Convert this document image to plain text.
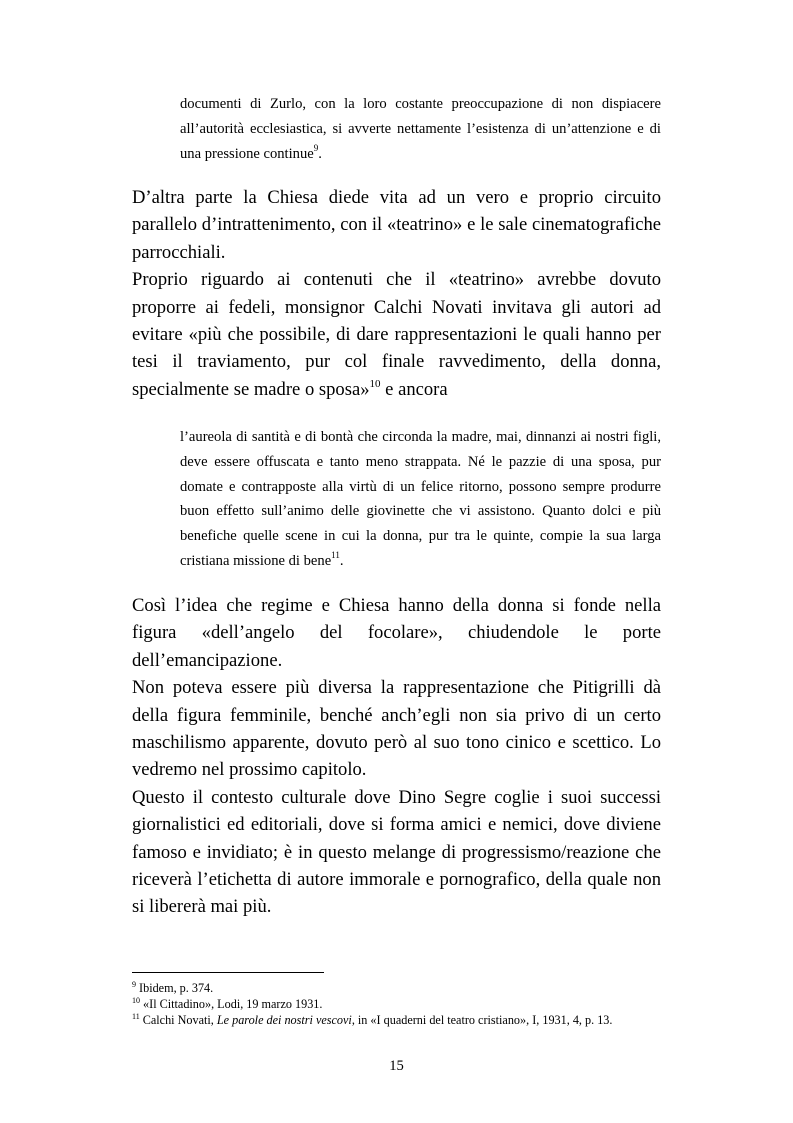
documenti di Zurlo, con la loro costante preoccupazione di non dispiacere all’autorità ecclesiastica, si avverte nettamente l’esistenza di un’attenzione e di una pressione continue$^9$.
D’altra parte la Chiesa diede vita ad un vero e proprio circuito parallelo d’intrattenimento, con il «teatrino» e le sale cinematografiche parrocchiali.
Proprio riguardo ai contenuti che il «teatrino» avrebbe dovuto proporre ai fedeli, monsignor Calchi Novati invitava gli autori ad evitare «più che possibile, di dare rappresentazioni le quali hanno per tesi il traviamento, pur col finale ravvedimento, della donna, specialmente se madre o sposa»$^{10}$ e ancora
l’aureola di santità e di bontà che circonda la madre, mai, dinnanzi ai nostri figli, deve essere offuscata e tanto meno strappata. Né le pazzie di una sposa, pur domate e contrapposte alla virtù di un felice ritorno, possono sempre produrre buon effetto sull’animo delle giovinette che vi assistono. Quanto dolci e più benefiche quelle scene in cui la donna, pur tra le quinte, compie la sua larga cristiana missione di bene$^{11}$.
Così l’idea che regime e Chiesa hanno della donna si fonde nella figura «dell’angelo del focolare», chiudendole le porte dell’emancipazione.
Non poteva essere più diversa la rappresentazione che Pitigrilli dà della figura femminile, benché anch’egli non sia privo di un certo maschilismo apparente, dovuto però al suo tono cinico e scettico. Lo vedremo nel prossimo capitolo.
Questo il contesto culturale dove Dino Segre coglie i suoi successi giornalistici ed editoriali, dove si forma amici e nemici, dove diviene famoso e invidiato; è in questo melange di progressismo/reazione che riceverà l’etichetta di autore immorale e pornografico, della quale non si libererà mai più.
$^9$ Ibidem, p. 374.
$^{10}$ «Il Cittadino», Lodi, 19 marzo 1931.
$^{11}$ Calchi Novati, Le parole dei nostri vescovi, in «I quaderni del teatro cristiano», I, 1931, 4, p. 13.
15
